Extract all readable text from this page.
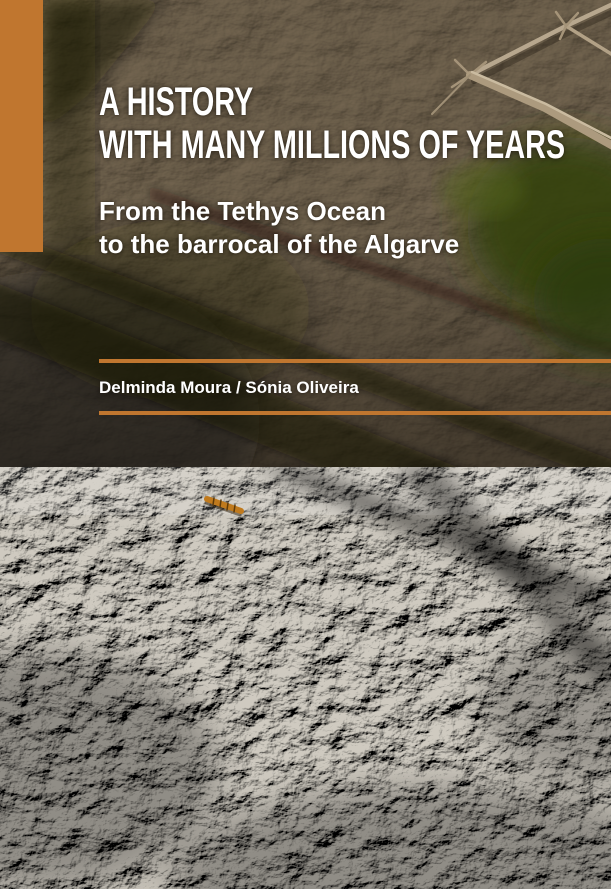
A HISTORY
WITH MANY MILLIONS OF YEARS
From the Tethys Ocean
to the barrocal of the Algarve
Delminda Moura / Sónia Oliveira
